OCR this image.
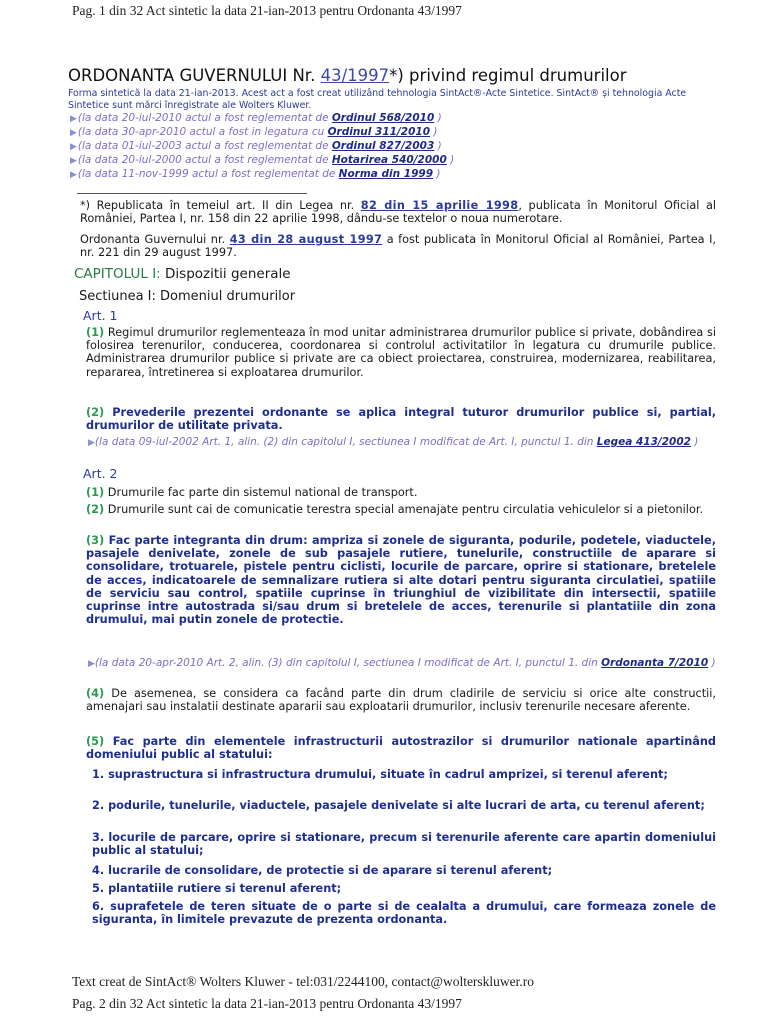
Pag. 1 din 32 Act sintetic la data 21-ian-2013 pentru Ordonanta 43/1997
ORDONANTA GUVERNULUI Nr. 43/1997*) privind regimul drumurilor
Forma sintetică la data 21-ian-2013. Acest act a fost creat utilizând tehnologia SintAct®-Acte Sintetice. SintAct® și tehnologia Acte Sintetice sunt mărci înregistrate ale Wolters Kluwer.
▶(la data 20-iul-2010 actul a fost reglementat de Ordinul 568/2010 )
▶(la data 30-apr-2010 actul a fost in legatura cu Ordinul 311/2010 )
▶(la data 01-iul-2003 actul a fost reglementat de Ordinul 827/2003 )
▶(la data 20-iul-2000 actul a fost reglementat de Hotarirea 540/2000 )
▶(la data 11-nov-1999 actul a fost reglementat de Norma din 1999 )
*) Republicata în temeiul art. II din Legea nr. 82 din 15 aprilie 1998, publicata în Monitorul Oficial al României, Partea I, nr. 158 din 22 aprilie 1998, dându-se textelor o noua numerotare.
Ordonanta Guvernului nr. 43 din 28 august 1997 a fost publicata în Monitorul Oficial al României, Partea I, nr. 221 din 29 august 1997.
CAPITOLUL I: Dispozitii generale
Sectiunea I: Domeniul drumurilor
Art. 1
(1) Regimul drumurilor reglementeaza în mod unitar administrarea drumurilor publice si private, dobândirea si folosirea terenurilor, conducerea, coordonarea si controlul activitatilor în legatura cu drumurile publice. Administrarea drumurilor publice si private are ca obiect proiectarea, construirea, modernizarea, reabilitarea, repararea, întretinerea si exploatarea drumurilor.
(2) Prevederile prezentei ordonante se aplica integral tuturor drumurilor publice si, partial, drumurilor de utilitate privata.
▶(la data 09-iul-2002 Art. 1, alin. (2) din capitolul I, sectiunea I modificat de Art. I, punctul 1. din Legea 413/2002 )
Art. 2
(1) Drumurile fac parte din sistemul national de transport.
(2) Drumurile sunt cai de comunicatie terestra special amenajate pentru circulatia vehiculelor si a pietonilor.
(3) Fac parte integranta din drum: ampriza si zonele de siguranta, podurile, podetele, viaductele, pasajele denivelate, zonele de sub pasajele rutiere, tunelurile, constructiile de aparare si consolidare, trotuarele, pistele pentru ciclisti, locurile de parcare, oprire si stationare, bretelele de acces, indicatoarele de semnalizare rutiera si alte dotari pentru siguranta circulatiei, spatiile de serviciu sau control, spatiile cuprinse în triunghiul de vizibilitate din intersectii, spatiile cuprinse intre autostrada si/sau drum si bretelele de acces, terenurile si plantatiile din zona drumului, mai putin zonele de protectie.
▶(la data 20-apr-2010 Art. 2, alin. (3) din capitolul I, sectiunea I modificat de Art. I, punctul 1. din Ordonanta 7/2010 )
(4) De asemenea, se considera ca facând parte din drum cladirile de serviciu si orice alte constructii, amenajari sau instalatii destinate apararii sau exploatarii drumurilor, inclusiv terenurile necesare aferente.
(5) Fac parte din elementele infrastructurii autostrazilor si drumurilor nationale apartinând domeniului public al statului:
1. suprastructura si infrastructura drumului, situate în cadrul amprizei, si terenul aferent;
2. podurile, tunelurile, viaductele, pasajele denivelate si alte lucrari de arta, cu terenul aferent;
3. locurile de parcare, oprire si stationare, precum si terenurile aferente care apartin domeniului public al statului;
4. lucrarile de consolidare, de protectie si de aparare si terenul aferent;
5. plantatiile rutiere si terenul aferent;
6. suprafetele de teren situate de o parte si de cealalta a drumului, care formeaza zonele de siguranta, în limitele prevazute de prezenta ordonanta.
Text creat de SintAct® Wolters Kluwer - tel:031/2244100, contact@wolterskluwer.ro
Pag. 2 din 32 Act sintetic la data 21-ian-2013 pentru Ordonanta 43/1997
